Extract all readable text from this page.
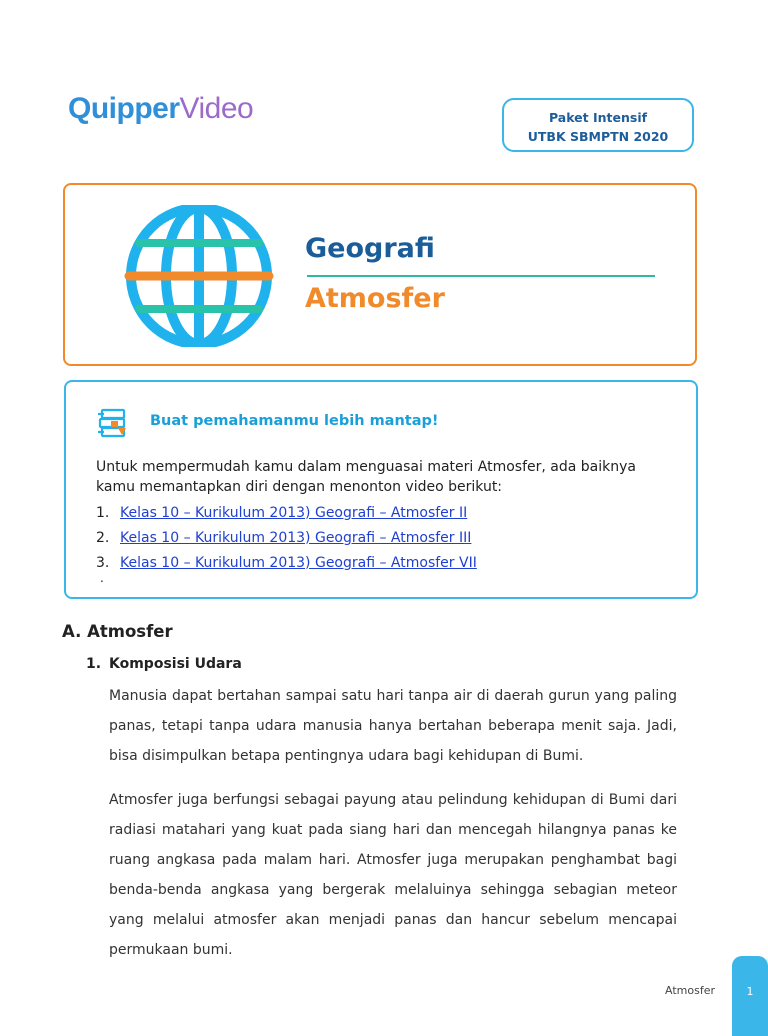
QuipperVideo	Paket Intensif
UTBK SBMPTN 2020
Geografi
Atmosfer
Buat pemahamanmu lebih mantap!
Untuk mempermudah kamu dalam menguasai materi Atmosfer, ada baiknya kamu memantapkan diri dengan menonton video berikut:
1. Kelas 10 – Kurikulum 2013) Geografi – Atmosfer II
2. Kelas 10 – Kurikulum 2013) Geografi – Atmosfer III
3. Kelas 10 – Kurikulum 2013) Geografi – Atmosfer VII
.
A. Atmosfer
1. Komposisi Udara
Manusia dapat bertahan sampai satu hari tanpa air di daerah gurun yang paling panas, tetapi tanpa udara manusia hanya bertahan beberapa menit saja. Jadi, bisa disimpulkan betapa pentingnya udara bagi kehidupan di Bumi.
Atmosfer juga berfungsi sebagai payung atau pelindung kehidupan di Bumi dari radiasi matahari yang kuat pada siang hari dan mencegah hilangnya panas ke ruang angkasa pada malam hari. Atmosfer juga merupakan penghambat bagi benda-benda angkasa yang bergerak melaluinya sehingga sebagian meteor yang melalui atmosfer akan menjadi panas dan hancur sebelum mencapai permukaan bumi.
Atmosfer	1
